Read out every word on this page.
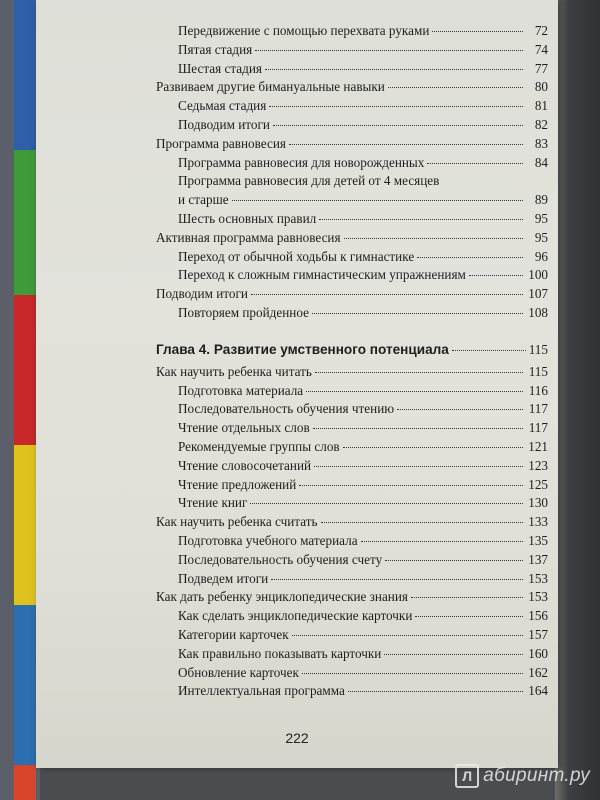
Передвижение с помощью перехвата руками	72
Пятая стадия	74
Шестая стадия	77
Развиваем другие бимануальные навыки	80
Седьмая стадия	81
Подводим итоги	82
Программа равновесия	83
Программа равновесия для новорожденных	84
Программа равновесия для детей от 4 месяцев
и старше	89
Шесть основных правил	95
Активная программа равновесия	95
Переход от обычной ходьбы к гимнастике	96
Переход к сложным гимнастическим упражнениям	100
Подводим итоги	107
Повторяем пройденное	108
Глава 4. Развитие умственного потенциала	115
Как научить ребенка читать	115
Подготовка материала	116
Последовательность обучения чтению	117
Чтение отдельных слов	117
Рекомендуемые группы слов	121
Чтение словосочетаний	123
Чтение предложений	125
Чтение книг	130
Как научить ребенка считать	133
Подготовка учебного материала	135
Последовательность обучения счету	137
Подведем итоги	153
Как дать ребенку энциклопедические знания	153
Как сделать энциклопедические карточки	156
Категории карточек	157
Как правильно показывать карточки	160
Обновление карточек	162
Интеллектуальная программа	164
222
Л абиринт.ру
